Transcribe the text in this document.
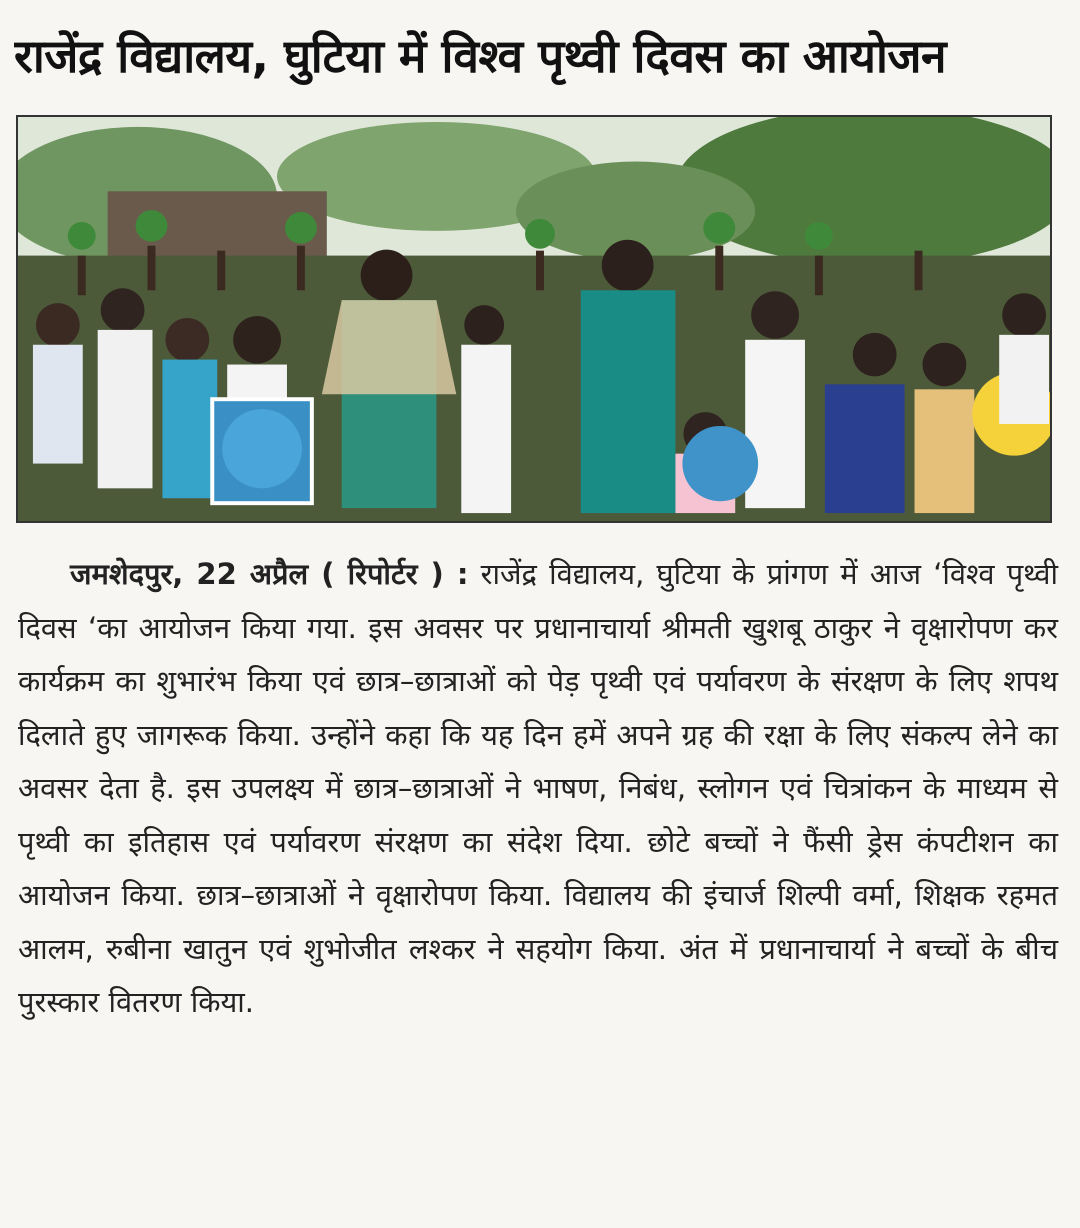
राजेंद्र विद्यालय, घुटिया में विश्व पृथ्वी दिवस का आयोजन

जमशेदपुर, 22 अप्रैल ( रिपोर्टर ) : राजेंद्र विद्यालय, घुटिया के प्रांगण में आज ‘विश्व पृथ्वी दिवस ‘का आयोजन किया गया. इस अवसर पर प्रधानाचार्या श्रीमती खुशबू ठाकुर ने वृक्षारोपण कर कार्यक्रम का शुभारंभ किया एवं छात्र–छात्राओं को पेड़ पृथ्वी एवं पर्यावरण के संरक्षण के लिए शपथ दिलाते हुए जागरूक किया. उन्होंने कहा कि यह दिन हमें अपने ग्रह की रक्षा के लिए संकल्प लेने का अवसर देता है. इस उपलक्ष्य में छात्र–छात्राओं ने भाषण, निबंध, स्लोगन एवं चित्रांकन के माध्यम से पृथ्वी का इतिहास एवं पर्यावरण संरक्षण का संदेश दिया. छोटे बच्चों ने फैंसी ड्रेस कंपटीशन का आयोजन किया. छात्र–छात्राओं ने वृक्षारोपण किया. विद्यालय की इंचार्ज शिल्पी वर्मा, शिक्षक रहमत आलम, रुबीना खातुन एवं शुभोजीत लश्कर ने सहयोग किया. अंत में प्रधानाचार्या ने बच्चों के बीच पुरस्कार वितरण किया.
